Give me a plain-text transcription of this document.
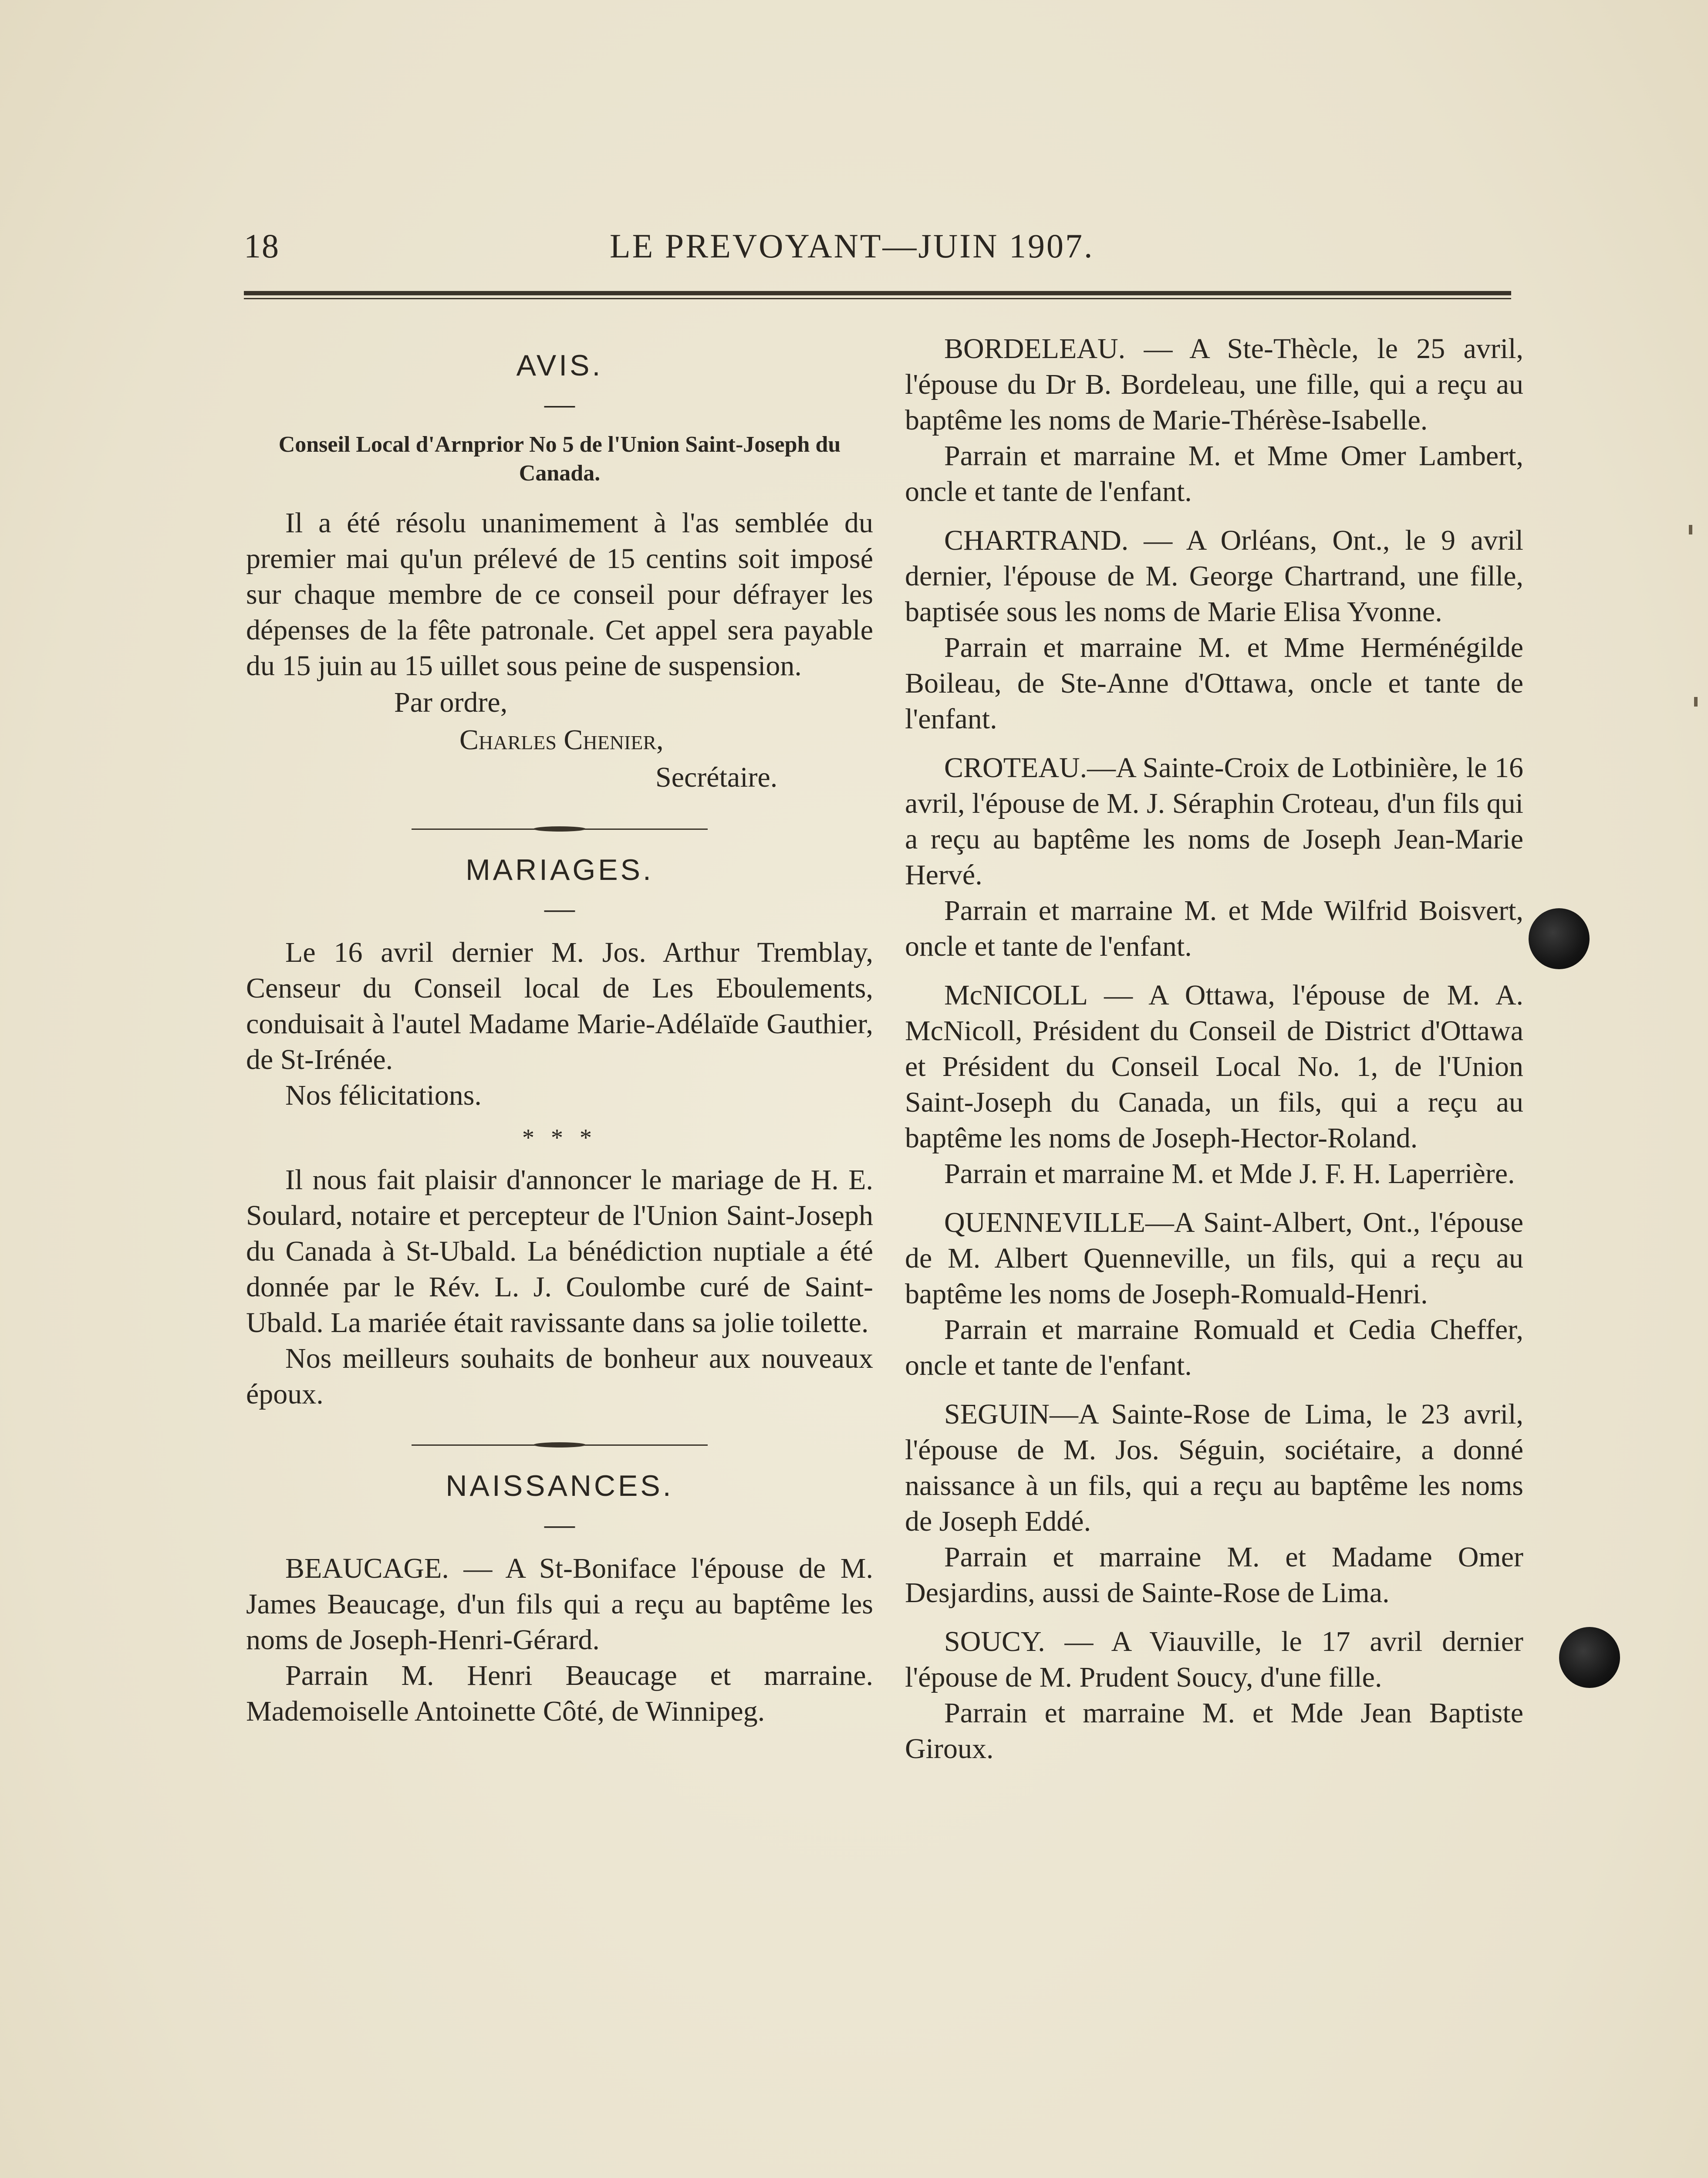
18	LE PREVOYANT—JUIN 1907.
AVIS.
—
Conseil Local d'Arnprior No 5 de l'Union Saint-Joseph du Canada.

Il a été résolu unanimement à l'as semblée du premier mai qu'un prélevé de 15 centins soit imposé sur chaque membre de ce conseil pour défrayer les dépenses de la fête patronale. Cet appel sera payable du 15 juin au 15 uillet sous peine de suspension.

Par ordre,
Charles Chenier,
Secrétaire.
MARIAGES.
—

Le 16 avril dernier M. Jos. Arthur Tremblay, Censeur du Conseil local de Les Eboulements, conduisait à l'autel Madame Marie-Adélaïde Gauthier, de St-Irénée.

Nos félicitations.

* * *

Il nous fait plaisir d'annoncer le mariage de H. E. Soulard, notaire et percepteur de l'Union Saint-Joseph du Canada à St-Ubald. La bénédiction nuptiale a été donnée par le Rév. L. J. Coulombe curé de Saint-Ubald. La mariée était ravissante dans sa jolie toilette.

Nos meilleurs souhaits de bonheur aux nouveaux époux.

NAISSANCES.
—

BEAUCAGE. — A St-Boniface l'épouse de M. James Beaucage, d'un fils qui a reçu au baptême les noms de Joseph-Henri-Gérard.

Parrain M. Henri Beaucage et marraine. Mademoiselle Antoinette Côté, de Winnipeg.

BORDELEAU. — A Ste-Thècle, le 25 avril, l'épouse du Dr B. Bordeleau, une fille, qui a reçu au baptême les noms de Marie-Thérèse-Isabelle.

Parrain et marraine M. et Mme Omer Lambert, oncle et tante de l'enfant.

CHARTRAND. — A Orléans, Ont., le 9 avril dernier, l'épouse de M. George Chartrand, une fille, baptisée sous les noms de Marie Elisa Yvonne.

Parrain et marraine M. et Mme Herménégilde Boileau, de Ste-Anne d'Ottawa, oncle et tante de l'enfant.

CROTEAU.—A Sainte-Croix de Lotbinière, le 16 avril, l'épouse de M. J. Séraphin Croteau, d'un fils qui a reçu au baptême les noms de Joseph Jean-Marie Hervé.

Parrain et marraine M. et Mde Wilfrid Boisvert, oncle et tante de l'enfant.

McNICOLL — A Ottawa, l'épouse de M. A. McNicoll, Président du Conseil de District d'Ottawa et Président du Conseil Local No. 1, de l'Union Saint-Joseph du Canada, un fils, qui a reçu au baptême les noms de Joseph-Hector-Roland.

Parrain et marraine M. et Mde J. F. H. Laperrière.

QUENNEVILLE—A Saint-Albert, Ont., l'épouse de M. Albert Quenneville, un fils, qui a reçu au baptême les noms de Joseph-Romuald-Henri.

Parrain et marraine Romuald et Cedia Cheffer, oncle et tante de l'enfant.

SEGUIN—A Sainte-Rose de Lima, le 23 avril, l'épouse de M. Jos. Séguin, sociétaire, a donné naissance à un fils, qui a reçu au baptême les noms de Joseph Eddé.

Parrain et marraine M. et Madame Omer Desjardins, aussi de Sainte-Rose de Lima.

SOUCY. — A Viauville, le 17 avril dernier l'épouse de M. Prudent Soucy, d'une fille.

Parrain et marraine M. et Mde Jean Baptiste Giroux.
